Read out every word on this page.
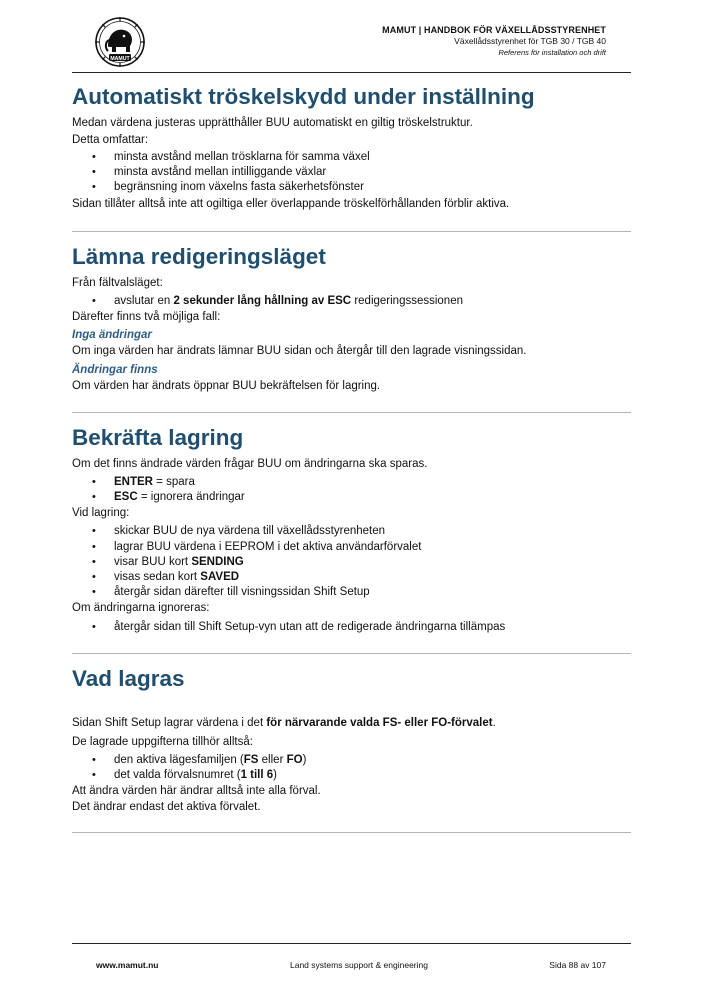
MAMUT
MAMUT | HANDBOK FÖR VÄXELLÅDSSTYRENHET
Växellådsstyrenhet för TGB 30 / TGB 40
Referens för installation och drift
Automatiskt tröskelskydd under inställning

Medan värdena justeras upprätthåller BUU automatiskt en giltig tröskelstruktur.

Detta omfattar:

• minsta avstånd mellan trösklarna för samma växel
• minsta avstånd mellan intilliggande växlar
• begränsning inom växelns fasta säkerhetsfönster

Sidan tillåter alltså inte att ogiltiga eller överlappande tröskelförhållanden förblir aktiva.

Lämna redigeringsläget

Från fältvalsläget:

• avslutar en 2 sekunder lång hållning av ESC redigeringssessionen

Därefter finns två möjliga fall:

Inga ändringar

Om inga värden har ändrats lämnar BUU sidan och återgår till den lagrade visningssidan.

Ändringar finns

Om värden har ändrats öppnar BUU bekräftelsen för lagring.

Bekräfta lagring

Om det finns ändrade värden frågar BUU om ändringarna ska sparas.

• ENTER = spara
• ESC = ignorera ändringar

Vid lagring:

• skickar BUU de nya värdena till växellådsstyrenheten
• lagrar BUU värdena i EEPROM i det aktiva användarförvalet
• visar BUU kort SENDING
• visas sedan kort SAVED
• återgår sidan därefter till visningssidan Shift Setup

Om ändringarna ignoreras:

• återgår sidan till Shift Setup-vyn utan att de redigerade ändringarna tillämpas
Vad lagras

Sidan Shift Setup lagrar värdena i det för närvarande valda FS- eller FO-förvalet.

De lagrade uppgifterna tillhör alltså:

• den aktiva lägesfamiljen (FS eller FO)
• det valda förvalsnumret (1 till 6)

Att ändra värden här ändrar alltså inte alla förval.

Det ändrar endast det aktiva förvalet.

www.mamut.nu	Land systems support & engineering	Sida 88 av 107
